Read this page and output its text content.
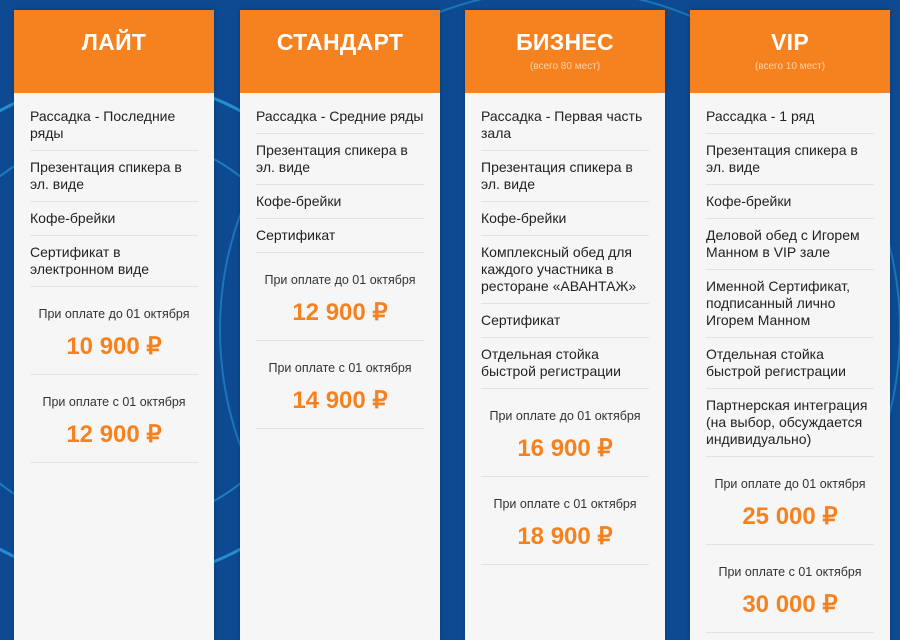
ЛАЙТ
Рассадка - Последние ряды
Презентация спикера в эл. виде
Кофе-брейки
Сертификат в электронном виде
При оплате до 01 октября
10 900 ₽
При оплате с 01 октября
12 900 ₽
СТАНДАРТ
Рассадка - Средние ряды
Презентация спикера в эл. виде
Кофе-брейки
Сертификат
При оплате до 01 октября
12 900 ₽
При оплате с 01 октября
14 900 ₽
БИЗНЕС
(всего 80 мест)
Рассадка - Первая часть зала
Презентация спикера в эл. виде
Кофе-брейки
Комплексный обед для каждого участника в ресторане «АВАНТАЖ»
Сертификат
Отдельная стойка быстрой регистрации
При оплате до 01 октября
16 900 ₽
При оплате с 01 октября
18 900 ₽
VIP
(всего 10 мест)
Рассадка - 1 ряд
Презентация спикера в эл. виде
Кофе-брейки
Деловой обед с Игорем Манном в VIP зале
Именной Сертификат, подписанный лично Игорем Манном
Отдельная стойка быстрой регистрации
Партнерская интеграция (на выбор, обсуждается индивидуально)
При оплате до 01 октября
25 000 ₽
При оплате с 01 октября
30 000 ₽
